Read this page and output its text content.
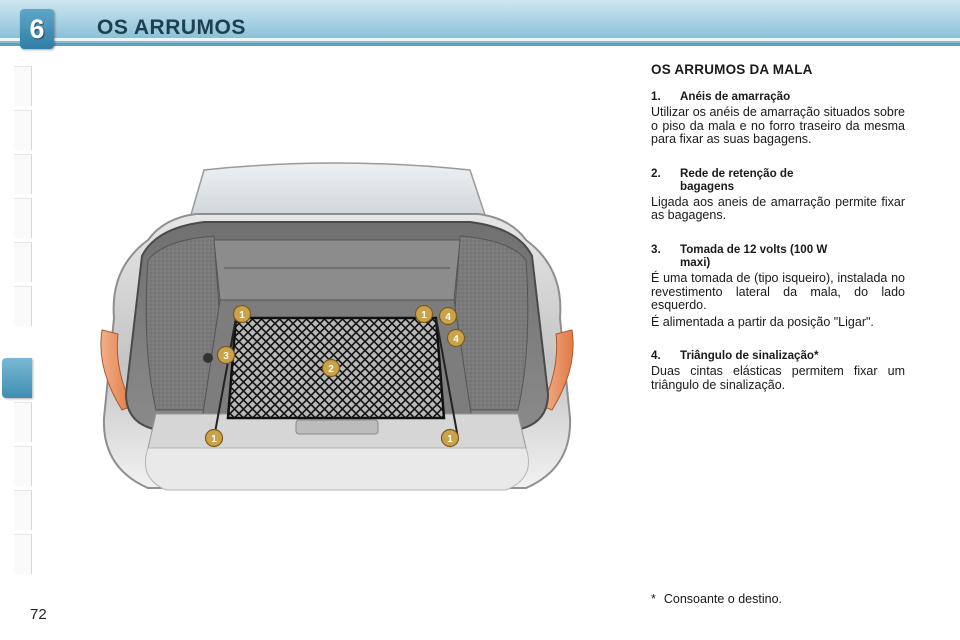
6 OS ARRUMOS
1	1 4
4
3
2
1	1
OS ARRUMOS DA MALA
1.	Anéis de amarração
Utilizar os anéis de amarração situados sobre o piso da mala e no forro traseiro da mesma para fixar as suas bagagens.
2.	Rede de retenção de bagagens
Ligada aos aneis de amarração permite fixar as bagagens.
3.	Tomada de 12 volts (100 W maxi)
É uma tomada de (tipo isqueiro), instalada no revestimento lateral da mala, do lado esquerdo.
É alimentada a partir da posição "Ligar".
4.	Triângulo de sinalização*
Duas cintas elásticas permitem fixar um triângulo de sinalização.
* Consoante o destino.
72
